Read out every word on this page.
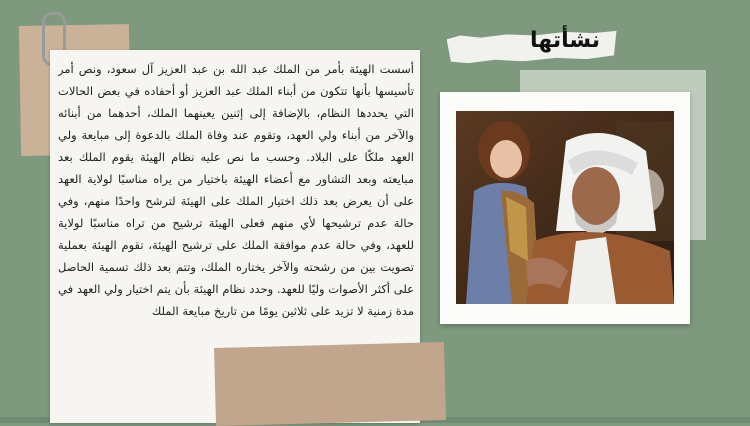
أسست الهيئة بأمر من الملك عبد الله بن عبد العزيز آل سعود، ونص أمر تأسيسها بأنها تتكون من أبناء الملك عبد العزيز أو أحفاده في بعض الحالات التي يحددها النظام، بالإضافة إلى إثنين يعينهما الملك، أحدهما من أبنائه والآخر من أبناء ولي العهد، وتقوم عند وفاة الملك بالدعوة إلى مبايعة ولي العهد ملكًا على البلاد. وحسب ما نص عليه نظام الهيئة يقوم الملك بعد مبايعته وبعد التشاور مع أعضاء الهيئة باختيار من يراه مناسبًا لولاية العهد على أن يعرض بعد ذلك اختيار الملك على الهيئة لترشح واحدًا منهم، وفي حالة عدم ترشيحها لأي منهم فعلى الهيئة ترشيح من تراه مناسبًا لولاية للعهد، وفي حالة عدم موافقة الملك على ترشيح الهيئة، تقوم الهيئة بعملية تصويت بين من رشحته والآخر يختاره الملك، وتتم بعد ذلك تسمية الحاصل على أكثر الأصوات وليًا للعهد. وحدد نظام الهيئة بأن يتم اختيار ولي العهد في مدة زمنية لا تزيد على ثلاثين يومًا من تاريخ مبايعة الملك

نشأتها
